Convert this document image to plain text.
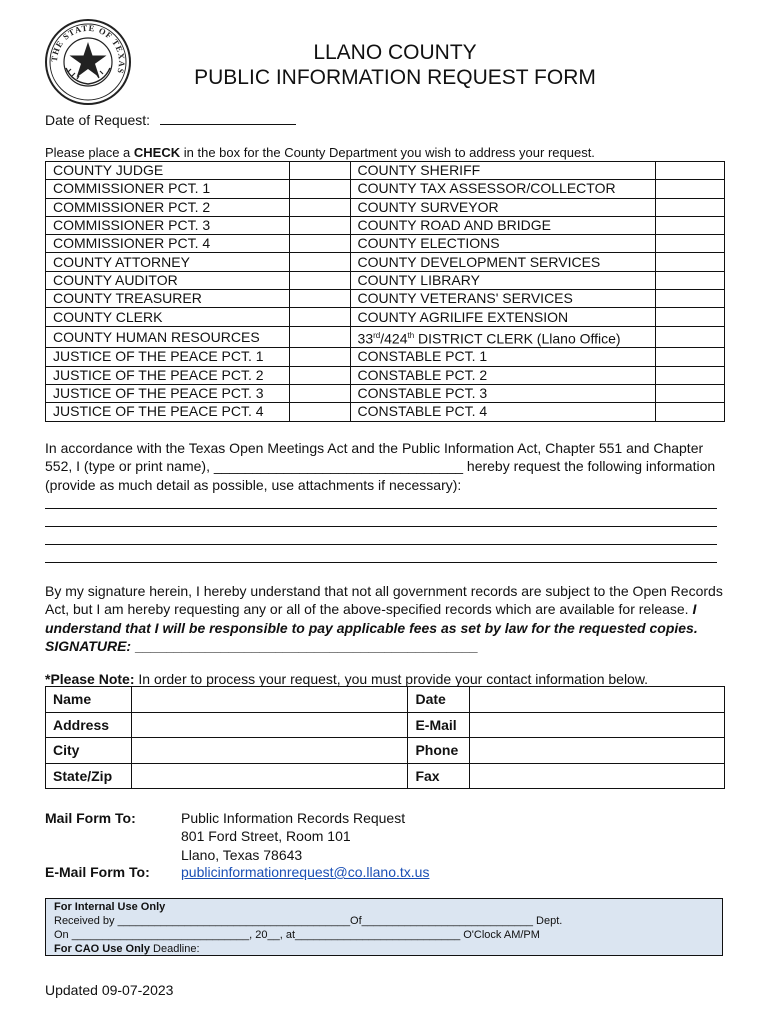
THE STATE OF TEXAS
LLANO COUNTY
PUBLIC INFORMATION REQUEST FORM
Date of Request:
Please place a CHECK in the box for the County Department you wish to address your request.
COUNTY JUDGE		COUNTY SHERIFF	
COMMISSIONER PCT. 1		COUNTY TAX ASSESSOR/COLLECTOR	
COMMISSIONER PCT. 2		COUNTY SURVEYOR	
COMMISSIONER PCT. 3		COUNTY ROAD AND BRIDGE	
COMMISSIONER PCT. 4		COUNTY ELECTIONS	
COUNTY ATTORNEY		COUNTY DEVELOPMENT SERVICES	
COUNTY AUDITOR		COUNTY LIBRARY	
COUNTY TREASURER		COUNTY VETERANS' SERVICES	
COUNTY CLERK		COUNTY AGRILIFE EXTENSION	
COUNTY HUMAN RESOURCES		33rd/424th DISTRICT CLERK (Llano Office)	
JUSTICE OF THE PEACE PCT. 1		CONSTABLE PCT. 1	
JUSTICE OF THE PEACE PCT. 2		CONSTABLE PCT. 2	
JUSTICE OF THE PEACE PCT. 3		CONSTABLE PCT. 3	
JUSTICE OF THE PEACE PCT. 4		CONSTABLE PCT. 4	
In accordance with the Texas Open Meetings Act and the Public Information Act, Chapter 551 and Chapter 552, I (type or print name), ________________________________ hereby request the following information (provide as much detail as possible, use attachments if necessary):
By my signature herein, I hereby understand that not all government records are subject to the Open Records Act, but I am hereby requesting any or all of the above-specified records which are available for release. I understand that I will be responsible to pay applicable fees as set by law for the requested copies. SIGNATURE: ____________________________________________
*Please Note: In order to process your request, you must provide your contact information below.
Name		Date	
Address		E-Mail	
City		Phone	
State/Zip		Fax	
Mail Form To:	Public Information Records Request
801 Ford Street, Room 101
Llano, Texas 78643
E-Mail Form To: publicinformationrequest@co.llano.tx.us
For Internal Use Only
Received by ______________________________________Of____________________________ Dept.
On _____________________________, 20__, at___________________________ O'Clock AM/PM
For CAO Use Only Deadline:
Updated 09-07-2023
